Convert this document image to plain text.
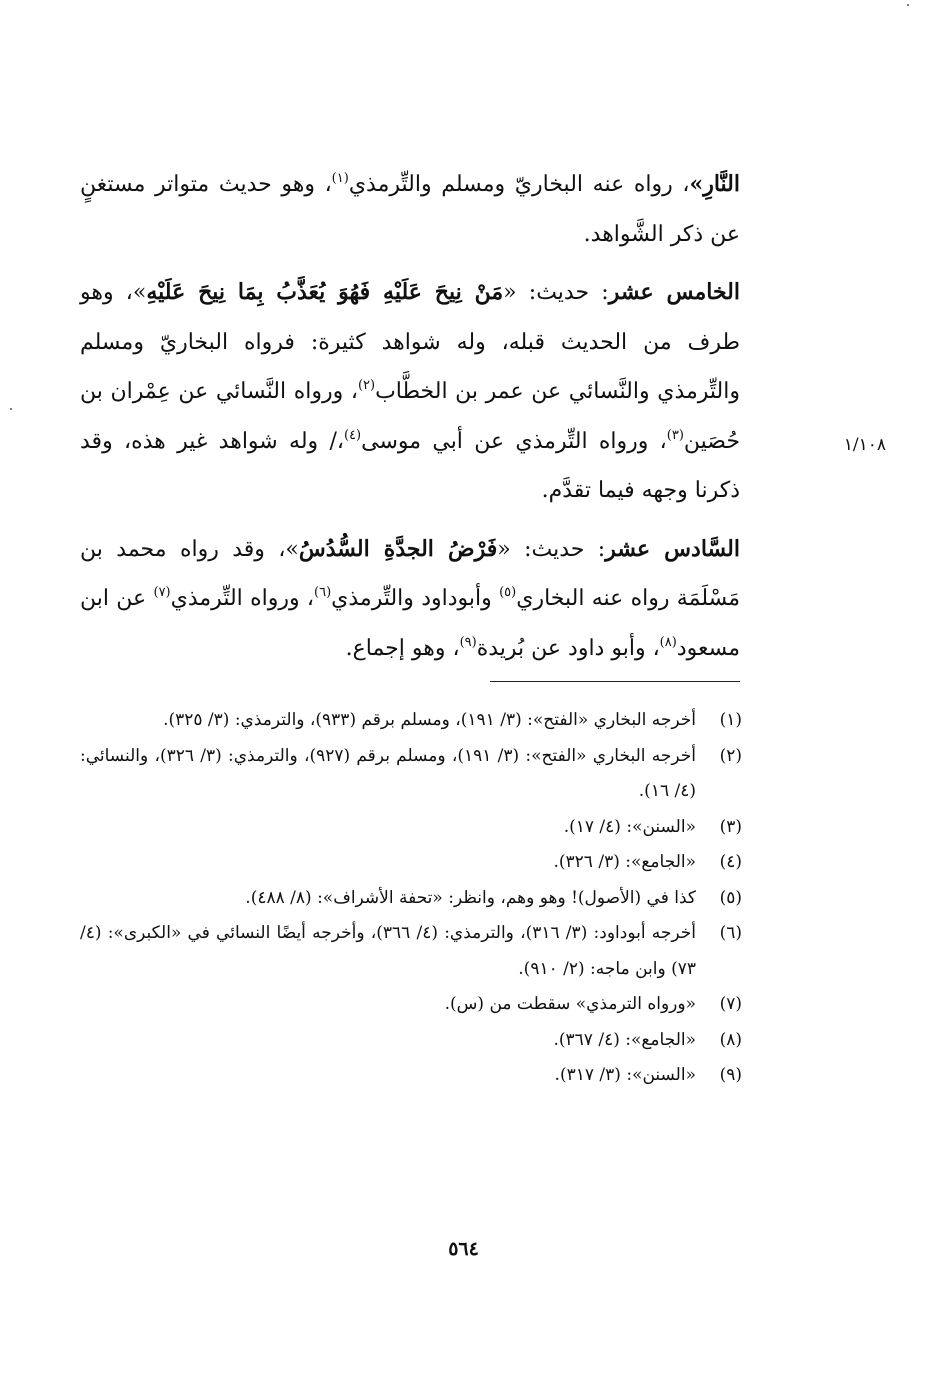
النَّارِ»، رواه عنه البخاريّ ومسلم والتِّرمذي$^{(١)}$، وهو حديث متواتر مستغنٍ عن ذكر الشَّواهد.

الخامس عشر: حديث: «مَنْ نِيحَ عَلَيْهِ فَهُوَ يُعَذَّبُ بِمَا نِيحَ عَلَيْهِ»، وهو طرف من الحديث قبله، وله شواهد كثيرة: فرواه البخاريّ ومسلم والتِّرمذي والنَّسائي عن عمر بن الخطَّاب$^{(٢)}$، ورواه النَّسائي عن عِمْران بن حُصَين$^{(٣)}$، ورواه التِّرمذي عن أبي موسى$^{(٤)}$،/ وله شواهد غير هذه، وقد ذكرنا وجهه فيما تقدَّم.

السَّادس عشر: حديث: «فَرْضُ الجدَّةِ السُّدُسُ»، وقد رواه محمد بن مَسْلَمَة رواه عنه البخاري$^{(٥)}$ وأبوداود والتِّرمذي$^{(٦)}$، ورواه التِّرمذي$^{(٧)}$ عن ابن مسعود$^{(٨)}$، وأبو داود عن بُريدة$^{(٩)}$، وهو إجماع.

١/١٠٨
(١)
أخرجه البخاري «الفتح»: (٣/ ١٩١)، ومسلم برقم (٩٣٣)، والترمذي: (٣/ ٣٢٥).
(٢)
أخرجه البخاري «الفتح»: (٣/ ١٩١)، ومسلم برقم (٩٢٧)، والترمذي: (٣/ ٣٢٦)، والنسائي: (٤/ ١٦).
(٣)
«السنن»: (٤/ ١٧).
(٤)
«الجامع»: (٣/ ٣٢٦).
(٥)
كذا في (الأصول)! وهو وهم، وانظر: «تحفة الأشراف»: (٨/ ٤٨٨).
(٦)
أخرجه أبوداود: (٣/ ٣١٦)، والترمذي: (٤/ ٣٦٦)، وأخرجه أيضًا النسائي في «الكبرى»: (٤/ ٧٣) وابن ماجه: (٢/ ٩١٠).
(٧)
«ورواه الترمذي» سقطت من (س).
(٨)
«الجامع»: (٤/ ٣٦٧).
(٩)
«السنن»: (٣/ ٣١٧).
٥٦٤
